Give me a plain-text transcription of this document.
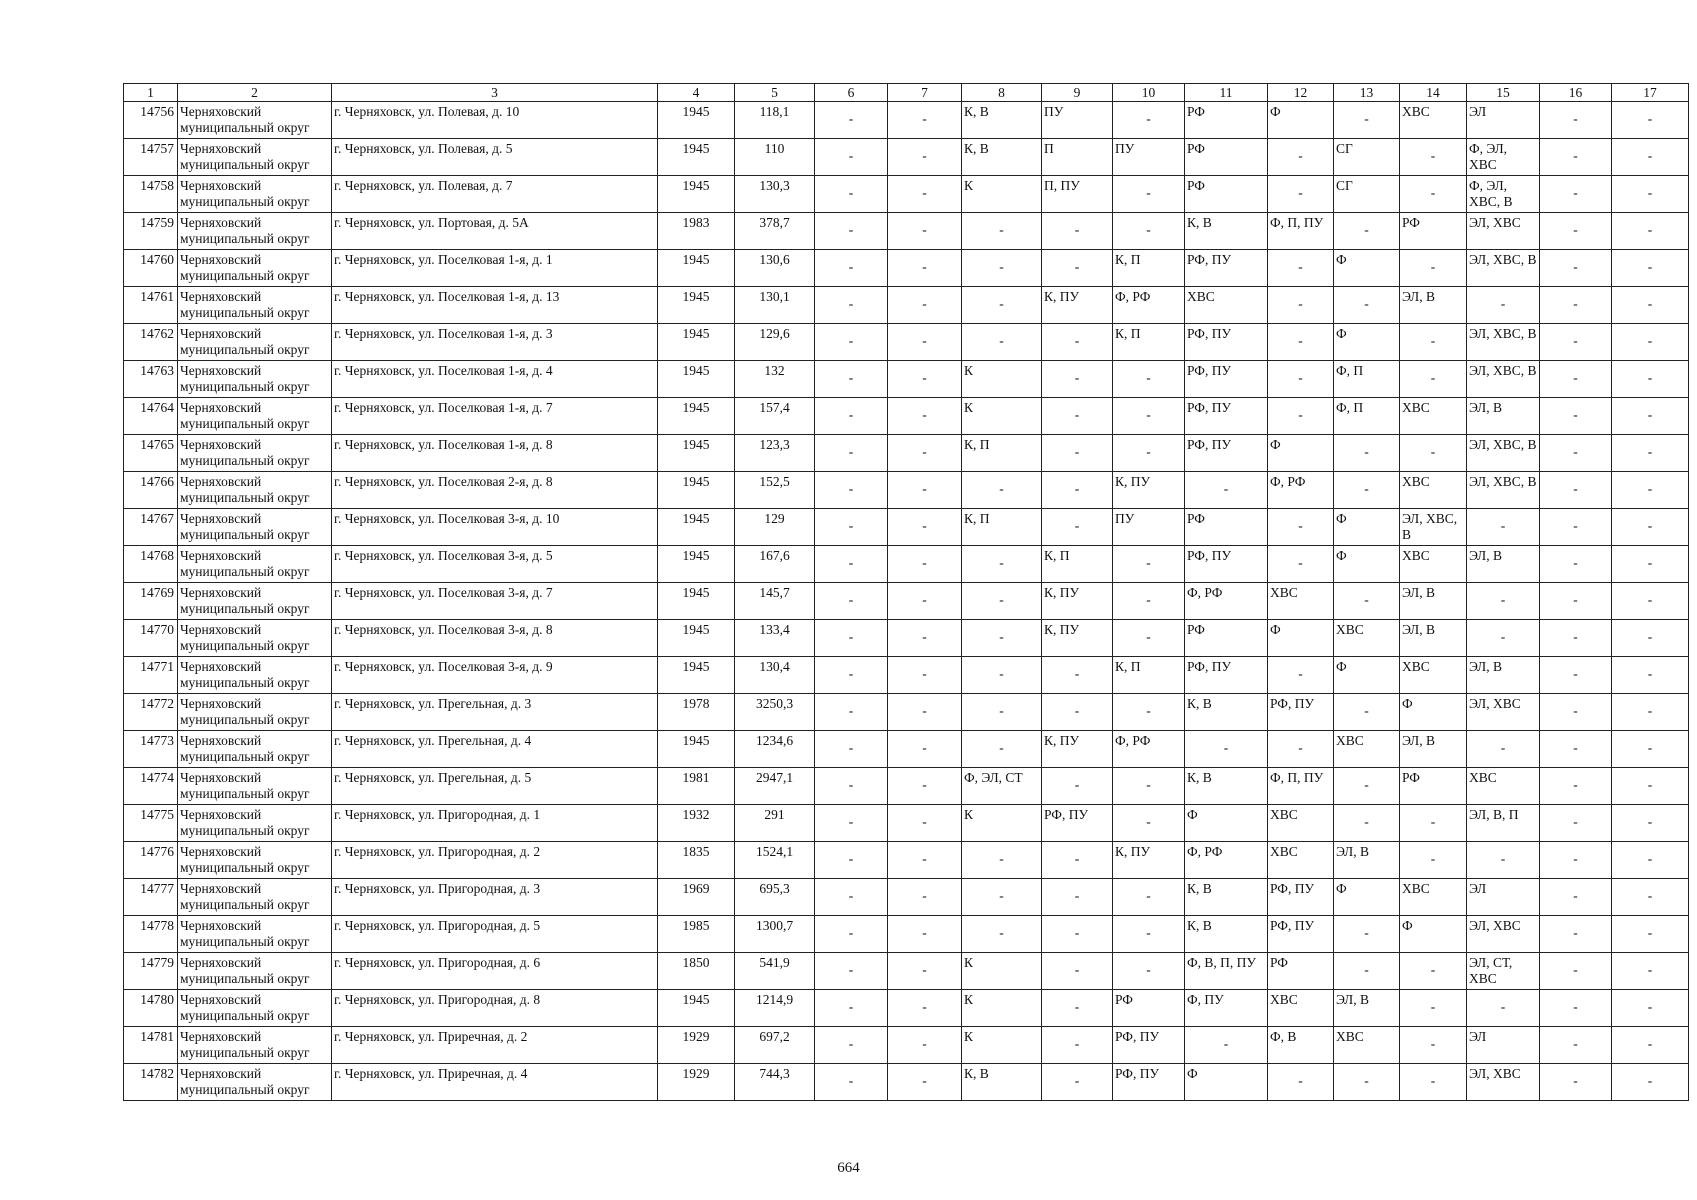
1	2	3	4	5	6	7	8	9	10	11	12	13	14	15	16	17
14756	Черняховский муниципальный округ	г. Черняховск, ул. Полевая, д. 10	1945	118,1	-	-	К, В	ПУ	-	РФ	Ф	-	ХВС	ЭЛ	-	-
14757	Черняховский муниципальный округ	г. Черняховск, ул. Полевая, д. 5	1945	110	-	-	К, В	П	ПУ	РФ	-	СГ	-	Ф, ЭЛ, ХВС	-	-
14758	Черняховский муниципальный округ	г. Черняховск, ул. Полевая, д. 7	1945	130,3	-	-	К	П, ПУ	-	РФ	-	СГ	-	Ф, ЭЛ, ХВС, В	-	-
14759	Черняховский муниципальный округ	г. Черняховск, ул. Портовая, д. 5А	1983	378,7	-	-	-	-	-	К, В	Ф, П, ПУ	-	РФ	ЭЛ, ХВС	-	-
14760	Черняховский муниципальный округ	г. Черняховск, ул. Поселковая 1-я, д. 1	1945	130,6	-	-	-	-	К, П	РФ, ПУ	-	Ф	-	ЭЛ, ХВС, В	-	-
14761	Черняховский муниципальный округ	г. Черняховск, ул. Поселковая 1-я, д. 13	1945	130,1	-	-	-	К, ПУ	Ф, РФ	ХВС	-	-	ЭЛ, В	-	-	-
14762	Черняховский муниципальный округ	г. Черняховск, ул. Поселковая 1-я, д. 3	1945	129,6	-	-	-	-	К, П	РФ, ПУ	-	Ф	-	ЭЛ, ХВС, В	-	-
14763	Черняховский муниципальный округ	г. Черняховск, ул. Поселковая 1-я, д. 4	1945	132	-	-	К	-	-	РФ, ПУ	-	Ф, П	-	ЭЛ, ХВС, В	-	-
14764	Черняховский муниципальный округ	г. Черняховск, ул. Поселковая 1-я, д. 7	1945	157,4	-	-	К	-	-	РФ, ПУ	-	Ф, П	ХВС	ЭЛ, В	-	-
14765	Черняховский муниципальный округ	г. Черняховск, ул. Поселковая 1-я, д. 8	1945	123,3	-	-	К, П	-	-	РФ, ПУ	Ф	-	-	ЭЛ, ХВС, В	-	-
14766	Черняховский муниципальный округ	г. Черняховск, ул. Поселковая 2-я, д. 8	1945	152,5	-	-	-	-	К, ПУ	-	Ф, РФ	-	ХВС	ЭЛ, ХВС, В	-	-
14767	Черняховский муниципальный округ	г. Черняховск, ул. Поселковая 3-я, д. 10	1945	129	-	-	К, П	-	ПУ	РФ	-	Ф	ЭЛ, ХВС, В	-	-	-
14768	Черняховский муниципальный округ	г. Черняховск, ул. Поселковая 3-я, д. 5	1945	167,6	-	-	-	К, П	-	РФ, ПУ	-	Ф	ХВС	ЭЛ, В	-	-
14769	Черняховский муниципальный округ	г. Черняховск, ул. Поселковая 3-я, д. 7	1945	145,7	-	-	-	К, ПУ	-	Ф, РФ	ХВС	-	ЭЛ, В	-	-	-
14770	Черняховский муниципальный округ	г. Черняховск, ул. Поселковая 3-я, д. 8	1945	133,4	-	-	-	К, ПУ	-	РФ	Ф	ХВС	ЭЛ, В	-	-	-
14771	Черняховский муниципальный округ	г. Черняховск, ул. Поселковая 3-я, д. 9	1945	130,4	-	-	-	-	К, П	РФ, ПУ	-	Ф	ХВС	ЭЛ, В	-	-
14772	Черняховский муниципальный округ	г. Черняховск, ул. Прегельная, д. 3	1978	3250,3	-	-	-	-	-	К, В	РФ, ПУ	-	Ф	ЭЛ, ХВС	-	-
14773	Черняховский муниципальный округ	г. Черняховск, ул. Прегельная, д. 4	1945	1234,6	-	-	-	К, ПУ	Ф, РФ	-	-	ХВС	ЭЛ, В	-	-	-
14774	Черняховский муниципальный округ	г. Черняховск, ул. Прегельная, д. 5	1981	2947,1	-	-	Ф, ЭЛ, СТ	-	-	К, В	Ф, П, ПУ	-	РФ	ХВС	-	-
14775	Черняховский муниципальный округ	г. Черняховск, ул. Пригородная, д. 1	1932	291	-	-	К	РФ, ПУ	-	Ф	ХВС	-	-	ЭЛ, В, П	-	-
14776	Черняховский муниципальный округ	г. Черняховск, ул. Пригородная, д. 2	1835	1524,1	-	-	-	-	К, ПУ	Ф, РФ	ХВС	ЭЛ, В	-	-	-	-
14777	Черняховский муниципальный округ	г. Черняховск, ул. Пригородная, д. 3	1969	695,3	-	-	-	-	-	К, В	РФ, ПУ	Ф	ХВС	ЭЛ	-	-
14778	Черняховский муниципальный округ	г. Черняховск, ул. Пригородная, д. 5	1985	1300,7	-	-	-	-	-	К, В	РФ, ПУ	-	Ф	ЭЛ, ХВС	-	-
14779	Черняховский муниципальный округ	г. Черняховск, ул. Пригородная, д. 6	1850	541,9	-	-	К	-	-	Ф, В, П, ПУ	РФ	-	-	ЭЛ, СТ, ХВС	-	-
14780	Черняховский муниципальный округ	г. Черняховск, ул. Пригородная, д. 8	1945	1214,9	-	-	К	-	РФ	Ф, ПУ	ХВС	ЭЛ, В	-	-	-	-
14781	Черняховский муниципальный округ	г. Черняховск, ул. Приречная, д. 2	1929	697,2	-	-	К	-	РФ, ПУ	-	Ф, В	ХВС	-	ЭЛ	-	-
14782	Черняховский муниципальный округ	г. Черняховск, ул. Приречная, д. 4	1929	744,3	-	-	К, В	-	РФ, ПУ	Ф	-	-	-	ЭЛ, ХВС	-	-
664
